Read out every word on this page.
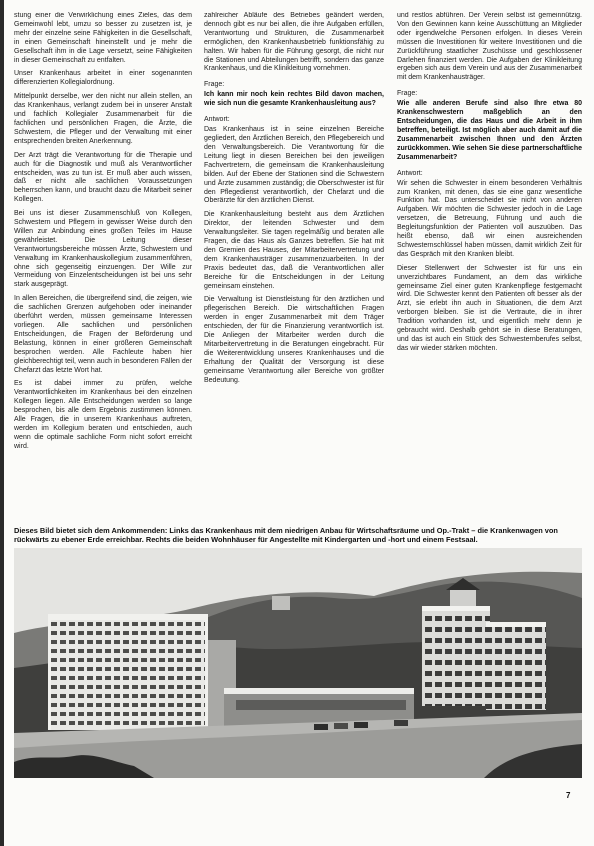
stung einer die Verwirklichung eines Zieles, das dem Gemeinwohl lebt, umzu so besser zu zusetzen ist, je mehr der einzelne seine Fähigkeiten in die Gesellschaft, in einen Gemeinschaft hineinstellt und je mehr die Gesellschaft ihm in die Lage versetzt, seine Fähigkeiten in dieser Gemeinschaft zu entfalten.

Unser Krankenhaus arbeitet in einer sogenannten differenzierten Kollegialordnung.

Mittelpunkt derselbe, wer den nicht nur allein stellen, an das Krankenhaus, verlangt zudem bei in unserer Anstalt und fachlich Kollegialer Zusammenarbeit für die fachlichen und persönlichen Fragen, die Ärzte, die Schwestern, die Pfleger und der Verwaltung mit einer entsprechenden breiten Anerkennung.

Der Arzt trägt die Verantwortung für die Therapie und auch für die Diagnostik und muß als Verantwortlicher entscheiden, was zu tun ist. Er muß aber auch wissen, daß er nicht alle sachlichen Voraussetzungen beherrschen kann, und braucht dazu die Mitarbeit seiner Kollegen.

Bei uns ist dieser Zusammenschluß von Kollegen, Schwestern und Pflegern in gewisser Weise durch den Willen zur Anbindung eines großen Teiles im Hause gewährleistet. Die Leitung dieser Verantwortungsbereiche müssen Ärzte, Schwestern und Verwaltung im Krankenhauskollegium zusammenführen, ohne sich gegenseitig einzuengen. Der Wille zur Vermeidung von Einzelentscheidungen ist bei uns sehr stark ausgeprägt.

In allen Bereichen, die übergreifend sind, die zeigen, wie die sachlichen Grenzen aufgehoben oder ineinander überführt werden, müssen gemeinsame Interessen vorliegen. Alle sachlichen und persönlichen Entscheidungen, die Fragen der Beförderung und Belastung, können in einer größeren Gemeinschaft besprochen werden. Alle Fachleute haben hier gleichberechtigt teil, wenn auch in besonderen Fällen der Chefarzt das letzte Wort hat.

Es ist dabei immer zu prüfen, welche Verantwortlichkeiten im Krankenhaus bei den einzelnen Kollegen liegen. Alle Entscheidungen werden so lange besprochen, bis alle dem Ergebnis zustimmen können. Alle Fragen, die in unserem Krankenhaus auftreten, werden im Kollegium beraten und entschieden, auch wenn die optimale sachliche Form nicht sofort erreicht wird.

zahlreicher Abläufe des Betriebes geändert werden, dennoch gibt es nur bei allen, die ihre Aufgaben erfüllen, Verantwortung und Strukturen, die Zusammenarbeit ermöglichen, den Krankenhausbetrieb funktionsfähig zu halten. Wir haben für die Führung gesorgt, die nicht nur die Stationen und Abteilungen betrifft, sondern das ganze Krankenhaus, und die Klinikleitung vornehmen.

Frage:

Ich kann mir noch kein rechtes Bild davon machen, wie sich nun die gesamte Krankenhausleitung aus?

Antwort:

Das Krankenhaus ist in seine einzelnen Bereiche gegliedert, den Ärztlichen Bereich, den Pflegebereich und den Verwaltungsbereich. Die Verantwortung für die Leitung liegt in diesen Bereichen bei den jeweiligen Fachvertretern, die gemeinsam die Krankenhausleitung bilden. Auf der Ebene der Stationen sind die Schwestern und Ärzte zusammen zuständig; die Oberschwester ist für den Pflegedienst verantwortlich, der Chefarzt und die Oberärzte für den ärztlichen Dienst.

Die Krankenhausleitung besteht aus dem Ärztlichen Direktor, der leitenden Schwester und dem Verwaltungsleiter. Sie tagen regelmäßig und beraten alle Fragen, die das Haus als Ganzes betreffen. Sie hat mit den Gremien des Hauses, der Mitarbeitervertretung und dem Krankenhausträger zusammenzuarbeiten. In der Praxis bedeutet das, daß die Verantwortlichen aller Bereiche für die Entscheidungen in der Leitung gemeinsam einstehen.

Die Verwaltung ist Dienstleistung für den ärztlichen und pflegerischen Bereich. Die wirtschaftlichen Fragen werden in enger Zusammenarbeit mit dem Träger entschieden, der für die Finanzierung verantwortlich ist. Die Anliegen der Mitarbeiter werden durch die Mitarbeitervertretung in die Beratungen eingebracht. Für die Weiterentwicklung unseres Krankenhauses und die Erhaltung der Qualität der Versorgung ist diese gemeinsame Verantwortung aller Bereiche von größter Bedeutung.

und restlos abführen. Der Verein selbst ist gemeinnützig. Von den Gewinnen kann keine Ausschüttung an Mitglieder oder irgendwelche Personen erfolgen. In dieses Verein müssen die Investitionen für weitere Investitionen und die Zurückführung staatlicher Zuschüsse und geschlossener Darlehen finanziert werden. Die Aufgaben der Klinikleitung ergeben sich aus dem Verein und aus der Zusammenarbeit mit dem Krankenhausträger.

Frage:

Wie alle anderen Berufe sind also Ihre etwa 80 Krankenschwestern maßgeblich an den Entscheidungen, die das Haus und die Arbeit in ihm betreffen, beteiligt. Ist möglich aber auch damit auf die Zusammenarbeit zwischen Ihnen und den Ärzten zurückkommen. Wie sehen Sie diese partnerschaftliche Zusammenarbeit?

Antwort:

Wir sehen die Schwester in einem besonderen Verhältnis zum Kranken, mit denen, das sie eine ganz wesentliche Funktion hat. Das unterscheidet sie nicht von anderen Aufgaben. Wir möchten die Schwester jedoch in die Lage versetzen, die Betreuung, Führung und auch die Begleitungsfunktion der Patienten voll auszuüben. Das heißt ebenso, daß wir einen ausreichenden Schwesternschlüssel haben müssen, damit wirklich Zeit für das Gespräch mit den Kranken bleibt.

Dieser Stellenwert der Schwester ist für uns ein unverzichtbares Fundament, an dem das wirkliche gemeinsame Ziel einer guten Krankenpflege festgemacht wird. Die Schwester kennt den Patienten oft besser als der Arzt, sie erlebt ihn auch in Situationen, die dem Arzt verborgen bleiben. Sie ist die Vertraute, die in ihrer Tradition vorhanden ist, und eigentlich mehr denn je gebraucht wird. Deshalb gehört sie in diese Beratungen, und das ist auch ein Stück des Schwesternberufes selbst, das wir wieder stärken möchten.

Dieses Bild bietet sich dem Ankommenden: Links das Krankenhaus mit dem niedrigen Anbau für Wirtschaftsräume und Op.-Trakt – die Krankenwagen von rückwärts zu ebener Erde erreichbar. Rechts die beiden Wohnhäuser für Angestellte mit Kindergarten und -hort und einem Festsaal.

7
